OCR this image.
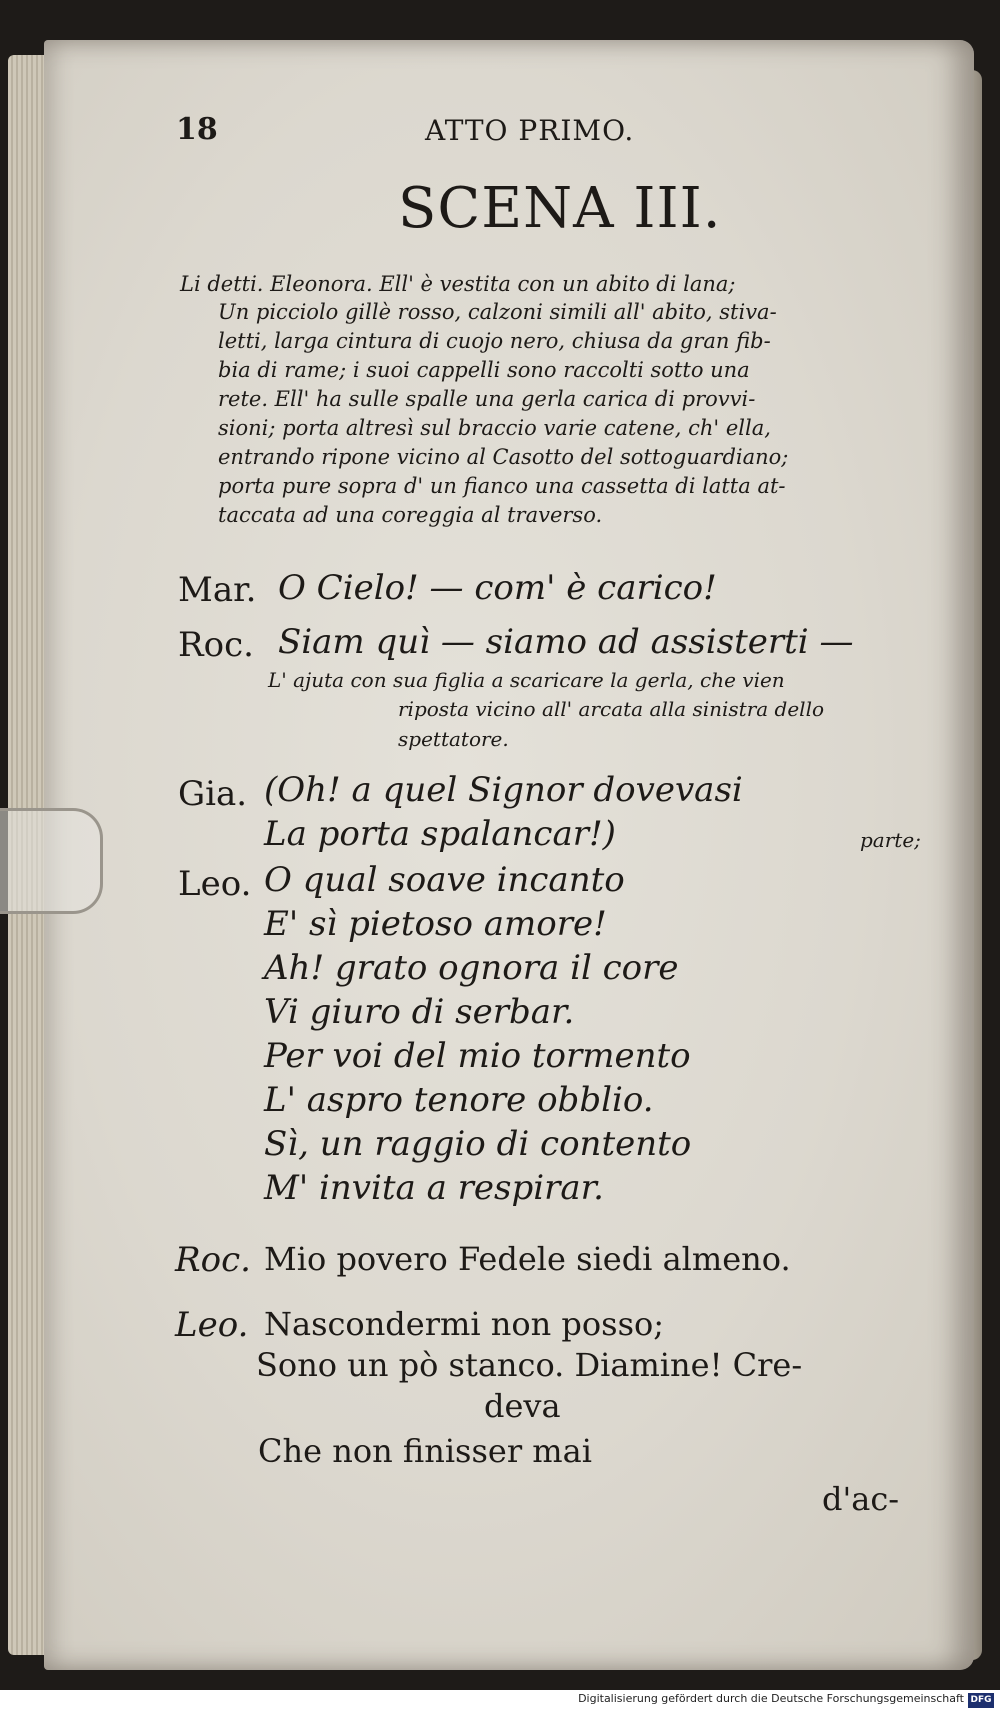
18	ATTO PRIMO.
SCENA III.
Li detti. Eleonora. Ell' è vestita con un abito di lana;
Un picciolo gillè rosso, calzoni simili all' abito, stiva-
letti, larga cintura di cuojo nero, chiusa da gran fib-
bia di rame; i suoi cappelli sono raccolti sotto una
rete. Ell' ha sulle spalle una gerla carica di provvi-
sioni; porta altresì sul braccio varie catene, ch' ella,
entrando ripone vicino al Casotto del sottoguardiano;
porta pure sopra d' un fianco una cassetta di latta at-
taccata ad una coreggia al traverso.
Mar. O Cielo! — com' è carico!
Roc. Siam quì — siamo ad assisterti —
L' ajuta con sua figlia a scaricare la gerla, che vien
riposta vicino all' arcata alla sinistra dello
spettatore.
Gia. (Oh! a quel Signor dovevasi
La porta spalancar!)	parte;
Leo. O qual soave incanto
E' sì pietoso amore!
Ah! grato ognora il core
Vi giuro di serbar.
Per voi del mio tormento
L' aspro tenore obblio.
Sì, un raggio di contento
M' invita a respirar.
Roc. Mio povero Fedele siedi almeno.
Leo. Nascondermi non posso;
Sono un pò stanco. Diamine! Cre-
deva
Che non finisser mai
d'ac-
Digitalisierung gefördert durch die Deutsche Forschungsgemeinschaft DFG
